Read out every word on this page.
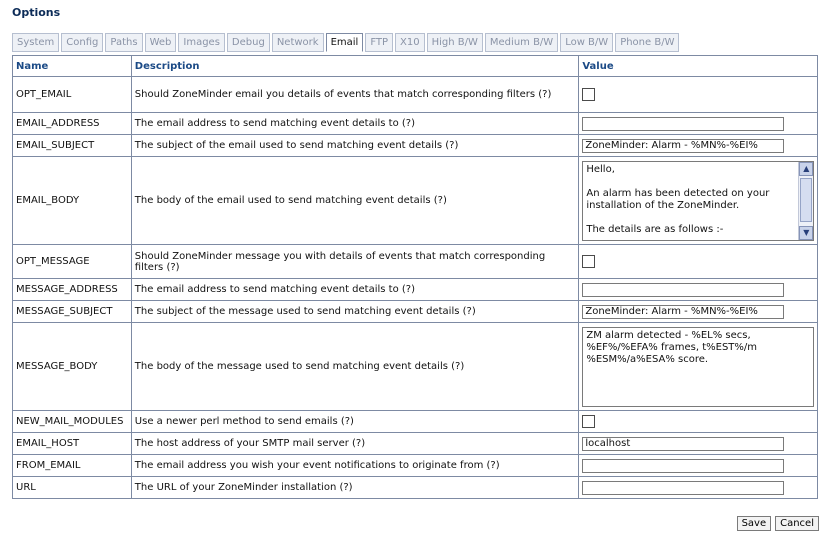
Options
System	Config	Paths	Web	Images	Debug	Network	Email	FTP	X10	High B/W	Medium B/W	Low B/W	Phone B/W
Name	Description	Value
OPT_EMAIL	Should ZoneMinder email you details of events that match corresponding filters (?)	
EMAIL_ADDRESS	The email address to send matching event details to (?)	

EMAIL_SUBJECT	The subject of the email used to send matching event details (?)	ZoneMinder: Alarm - %MN%-%EI%

EMAIL_BODY	The body of the email used to send matching event details (?)	Hello,

An alarm has been detected on your installation of the ZoneMinder.

The details are as follows :-
▲
▼

OPT_MESSAGE	Should ZoneMinder message you with details of events that match corresponding filters (?)	
MESSAGE_ADDRESS	The email address to send matching event details to (?)	

MESSAGE_SUBJECT	The subject of the message used to send matching event details (?)	ZoneMinder: Alarm - %MN%-%EI%

MESSAGE_BODY	The body of the message used to send matching event details (?)	ZM alarm detected - %EL% secs, %EF%/%EFA% frames, t%EST%/m %ESM%/a%ESA% score.

NEW_MAIL_MODULES	Use a newer perl method to send emails (?)	
EMAIL_HOST	The host address of your SMTP mail server (?)	localhost

FROM_EMAIL	The email address you wish your event notifications to originate from (?)	

URL	The URL of your ZoneMinder installation (?)	
Save	Cancel
